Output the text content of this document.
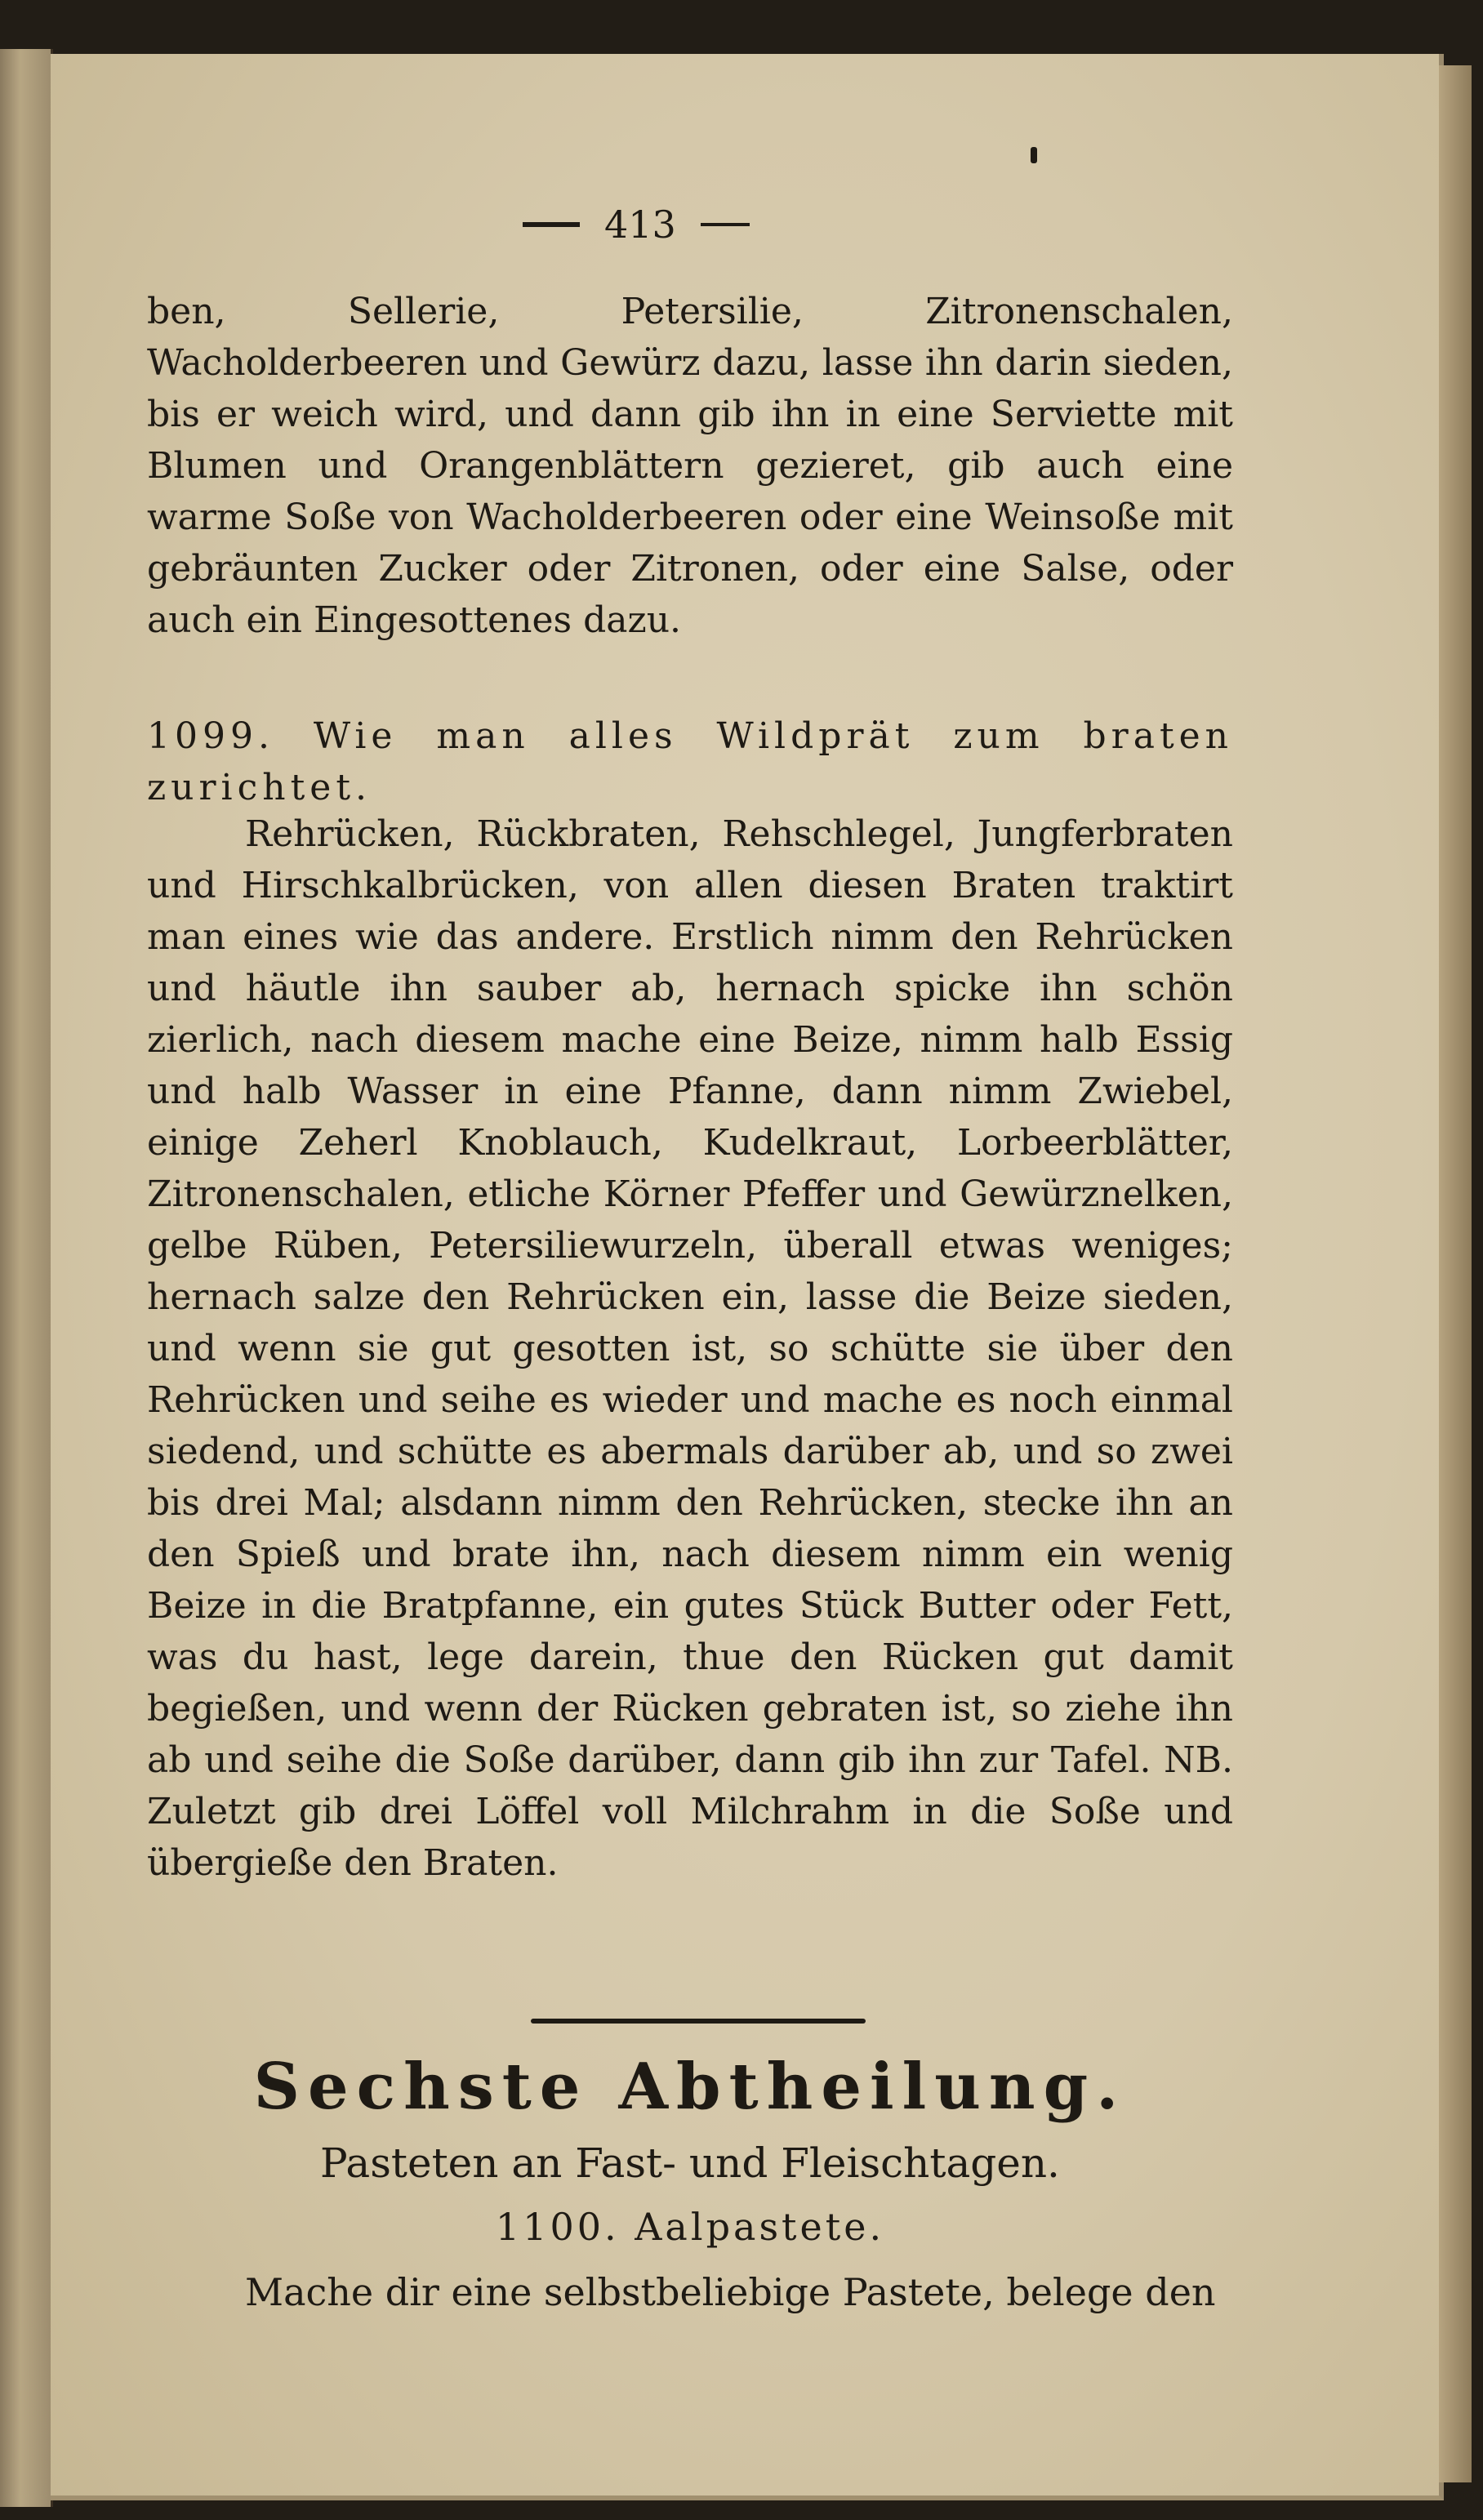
413

ben, Sellerie, Petersilie, Zitronenschalen, Wacholderbeeren und Gewürz dazu, lasse ihn darin sieden, bis er weich wird, und dann gib ihn in eine Serviette mit Blumen und Orangenblättern gezieret, gib auch eine warme Soße von Wacholderbeeren oder eine Weinsoße mit gebräunten Zucker oder Zitronen, oder eine Salse, oder auch ein Eingesottenes dazu.

1099. Wie man alles Wildprät zum braten zurichtet.

Rehrücken, Rückbraten, Rehschlegel, Jungferbraten und Hirschkalbrücken, von allen diesen Braten traktirt man eines wie das andere. Erstlich nimm den Rehrücken und häutle ihn sauber ab, hernach spicke ihn schön zierlich, nach diesem mache eine Beize, nimm halb Essig und halb Wasser in eine Pfanne, dann nimm Zwiebel, einige Zeherl Knoblauch, Kudelkraut, Lorbeerblätter, Zitronenschalen, etliche Körner Pfeffer und Gewürznelken, gelbe Rüben, Petersiliewurzeln, überall etwas weniges; hernach salze den Rehrücken ein, lasse die Beize sieden, und wenn sie gut gesotten ist, so schütte sie über den Rehrücken und seihe es wieder und mache es noch einmal siedend, und schütte es abermals darüber ab, und so zwei bis drei Mal; alsdann nimm den Rehrücken, stecke ihn an den Spieß und brate ihn, nach diesem nimm ein wenig Beize in die Bratpfanne, ein gutes Stück Butter oder Fett, was du hast, lege darein, thue den Rücken gut damit begießen, und wenn der Rücken gebraten ist, so ziehe ihn ab und seihe die Soße darüber, dann gib ihn zur Tafel. NB. Zuletzt gib drei Löffel voll Milchrahm in die Soße und übergieße den Braten.

Sechste Abtheilung.
Pasteten an Fast- und Fleischtagen.
1100. Aalpastete.
Mache dir eine selbstbeliebige Pastete, belege den
